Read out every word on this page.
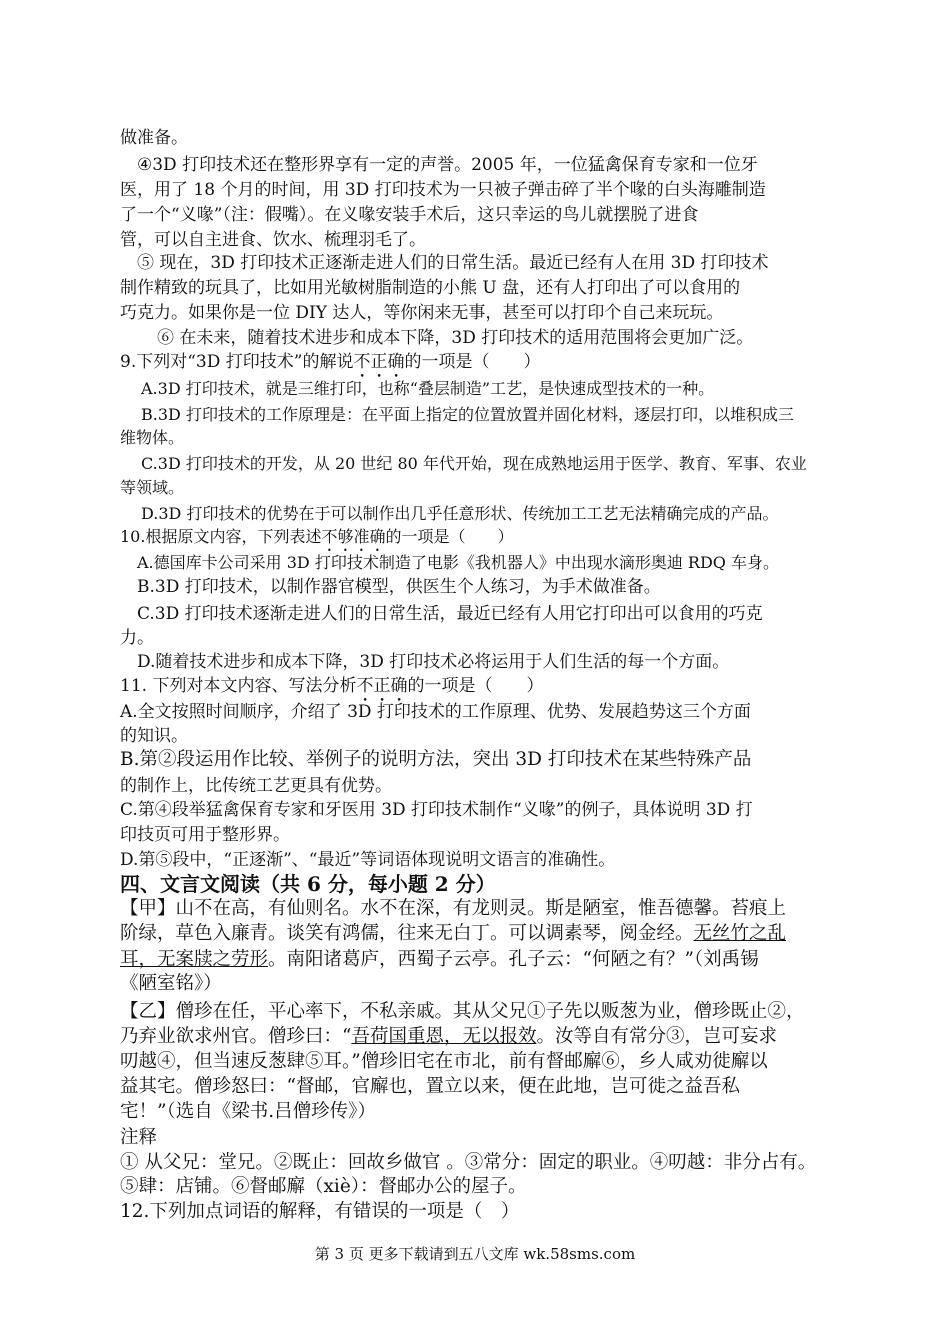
做准备。
④3D 打印技术还在整形界享有一定的声誉。2005 年，一位猛禽保育专家和一位牙
医，用了 18 个月的时间，用 3D 打印技术为一只被子弹击碎了半个喙的白头海雕制造
了一个“义喙”（注：假嘴）。在义喙安装手术后，这只幸运的鸟儿就摆脱了进食
管，可以自主进食、饮水、梳理羽毛了。
⑤ 现在，3D 打印技术正逐渐走进人们的日常生活。最近已经有人在用 3D 打印技术
制作精致的玩具了，比如用光敏树脂制造的小熊 U 盘，还有人打印出了可以食用的
巧克力。如果你是一位 DIY 达人，等你闲来无事，甚至可以打印个自己来玩玩。
⑥ 在未来，随着技术进步和成本下降，3D 打印技术的适用范围将会更加广泛。
9.下列对“3D 打印技术”的解说不正确的一项是（　　）
A.3D 打印技术，就是三维打印，也称“叠层制造”工艺，是快速成型技术的一种。
B.3D 打印技术的工作原理是：在平面上指定的位置放置并固化材料，逐层打印，以堆积成三
维物体。
C.3D 打印技术的开发，从 20 世纪 80 年代开始，现在成熟地运用于医学、教育、军事、农业
等领域。
D.3D 打印技术的优势在于可以制作出几乎任意形状、传统加工工艺无法精确完成的产品。
10.根据原文内容，下列表述不够准确的一项是（　　）
A.德国库卡公司采用 3D 打印技术制造了电影《我机器人》中出现水滴形奥迪 RDQ 车身。
B.3D 打印技术，以制作器官模型，供医生个人练习，为手术做准备。
C.3D 打印技术逐渐走进人们的日常生活，最近已经有人用它打印出可以食用的巧克
力。
D.随着技术进步和成本下降，3D 打印技术必将运用于人们生活的每一个方面。
11. 下列对本文内容、写法分析不正确的一项是（　　）
A.全文按照时间顺序，介绍了 3D 打印技术的工作原理、优势、发展趋势这三个方面
的知识。
B.第②段运用作比较、举例子的说明方法，突出 3D 打印技术在某些特殊产品
的制作上，比传统工艺更具有优势。
C.第④段举猛禽保育专家和牙医用 3D 打印技术制作“义喙”的例子，具体说明 3D 打
印技页可用于整形界。
D.第⑤段中，“正逐渐”、“最近”等词语体现说明文语言的准确性。
四、文言文阅读（共 6 分，每小题 2 分）
【甲】山不在高，有仙则名。水不在深，有龙则灵。斯是陋室，惟吾德馨。苔痕上
阶绿，草色入廉青。谈笑有鸿儒，往来无白丁。可以调素琴，阅金经。无丝竹之乱
耳，无案牍之劳形。南阳诸葛庐，西蜀子云亭。孔子云：“何陋之有？”（刘禹锡
《陋室铭》）
【乙】僧珍在任，平心率下，不私亲戚。其从父兄①子先以贩葱为业，僧珍既止②，
乃弃业欲求州官。僧珍曰：“吾荷国重恩，无以报效。汝等自有常分③，岂可妄求
叨越④，但当速反葱肆⑤耳。”僧珍旧宅在市北，前有督邮廨⑥，乡人咸劝徙廨以
益其宅。僧珍怒曰：“督邮，官廨也，置立以来，便在此地，岂可徙之益吾私
宅！”（选自《梁书.吕僧珍传》）
注释
① 从父兄：堂兄。②既止：回故乡做官 。③常分：固定的职业。④叨越：非分占有。
⑤肆：店铺。⑥督邮廨（xiè）：督邮办公的屋子。
12.下列加点词语的解释，有错误的一项是（　）
第 3 页 更多下载请到五八文库 wk.58sms.com
